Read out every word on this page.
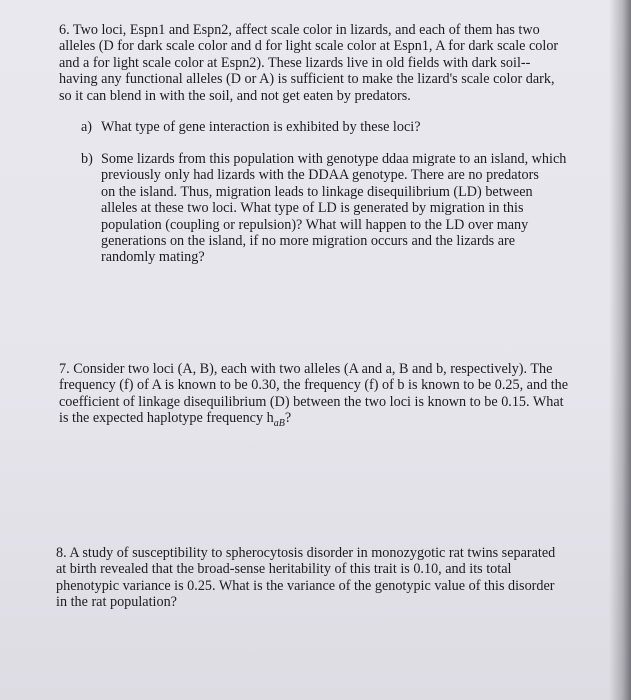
6. Two loci, Espn1 and Espn2, affect scale color in lizards, and each of them has two
alleles (D for dark scale color and d for light scale color at Espn1, A for dark scale color
and a for light scale color at Espn2). These lizards live in old fields with dark soil--
having any functional alleles (D or A) is sufficient to make the lizard's scale color dark,
so it can blend in with the soil, and not get eaten by predators.
a) What type of gene interaction is exhibited by these loci?
b) Some lizards from this population with genotype ddaa migrate to an island, which
previously only had lizards with the DDAA genotype. There are no predators
on the island. Thus, migration leads to linkage disequilibrium (LD) between
alleles at these two loci. What type of LD is generated by migration in this
population (coupling or repulsion)? What will happen to the LD over many
generations on the island, if no more migration occurs and the lizards are
randomly mating?
7. Consider two loci (A, B), each with two alleles (A and a, B and b, respectively). The
frequency (f) of A is known to be 0.30, the frequency (f) of b is known to be 0.25, and the
coefficient of linkage disequilibrium (D) between the two loci is known to be 0.15. What
is the expected haplotype frequency $h_{aB}$?
8. A study of susceptibility to spherocytosis disorder in monozygotic rat twins separated
at birth revealed that the broad-sense heritability of this trait is 0.10, and its total
phenotypic variance is 0.25. What is the variance of the genotypic value of this disorder
in the rat population?
